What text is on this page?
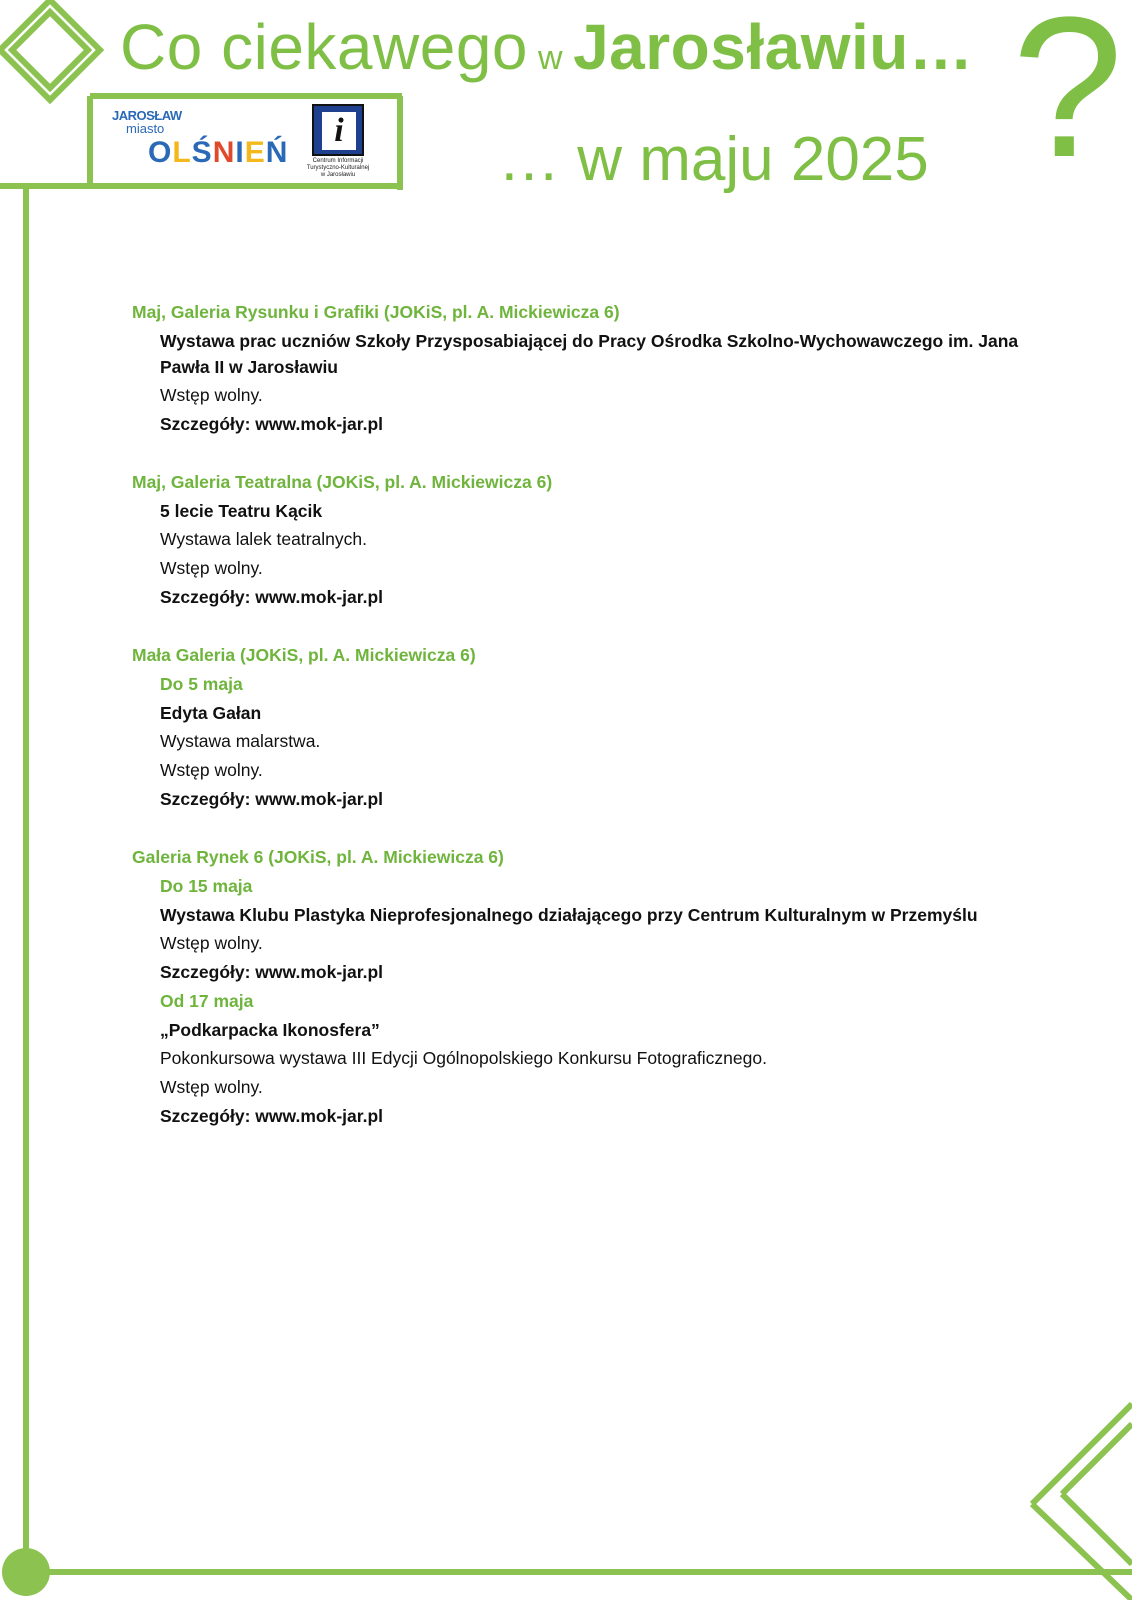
Co ciekawego w Jarosławiu…
… w maju 2025 ?
JAROSŁAW
miasto
OLŚNIEŃ
i
Centrum Informacji Turystyczno-Kulturalnej w Jarosławiu
Maj, Galeria Rysunku i Grafiki (JOKiS, pl. A. Mickiewicza 6)
Wystawa prac uczniów Szkoły Przysposabiającej do Pracy Ośrodka Szkolno-Wychowawczego im. Jana Pawła II w Jarosławiu
Wstęp wolny.
Szczegóły: www.mok-jar.pl
Maj, Galeria Teatralna (JOKiS, pl. A. Mickiewicza 6)
5 lecie Teatru Kącik
Wystawa lalek teatralnych.
Wstęp wolny.
Szczegóły: www.mok-jar.pl
Mała Galeria (JOKiS, pl. A. Mickiewicza 6)
Do 5 maja
Edyta Gałan
Wystawa malarstwa.
Wstęp wolny.
Szczegóły: www.mok-jar.pl
Galeria Rynek 6 (JOKiS, pl. A. Mickiewicza 6)
Do 15 maja
Wystawa Klubu Plastyka Nieprofesjonalnego działającego przy Centrum Kulturalnym w Przemyślu
Wstęp wolny.
Szczegóły: www.mok-jar.pl
Od 17 maja
„Podkarpacka Ikonosfera”
Pokonkursowa wystawa III Edycji Ogólnopolskiego Konkursu Fotograficznego.
Wstęp wolny.
Szczegóły: www.mok-jar.pl
